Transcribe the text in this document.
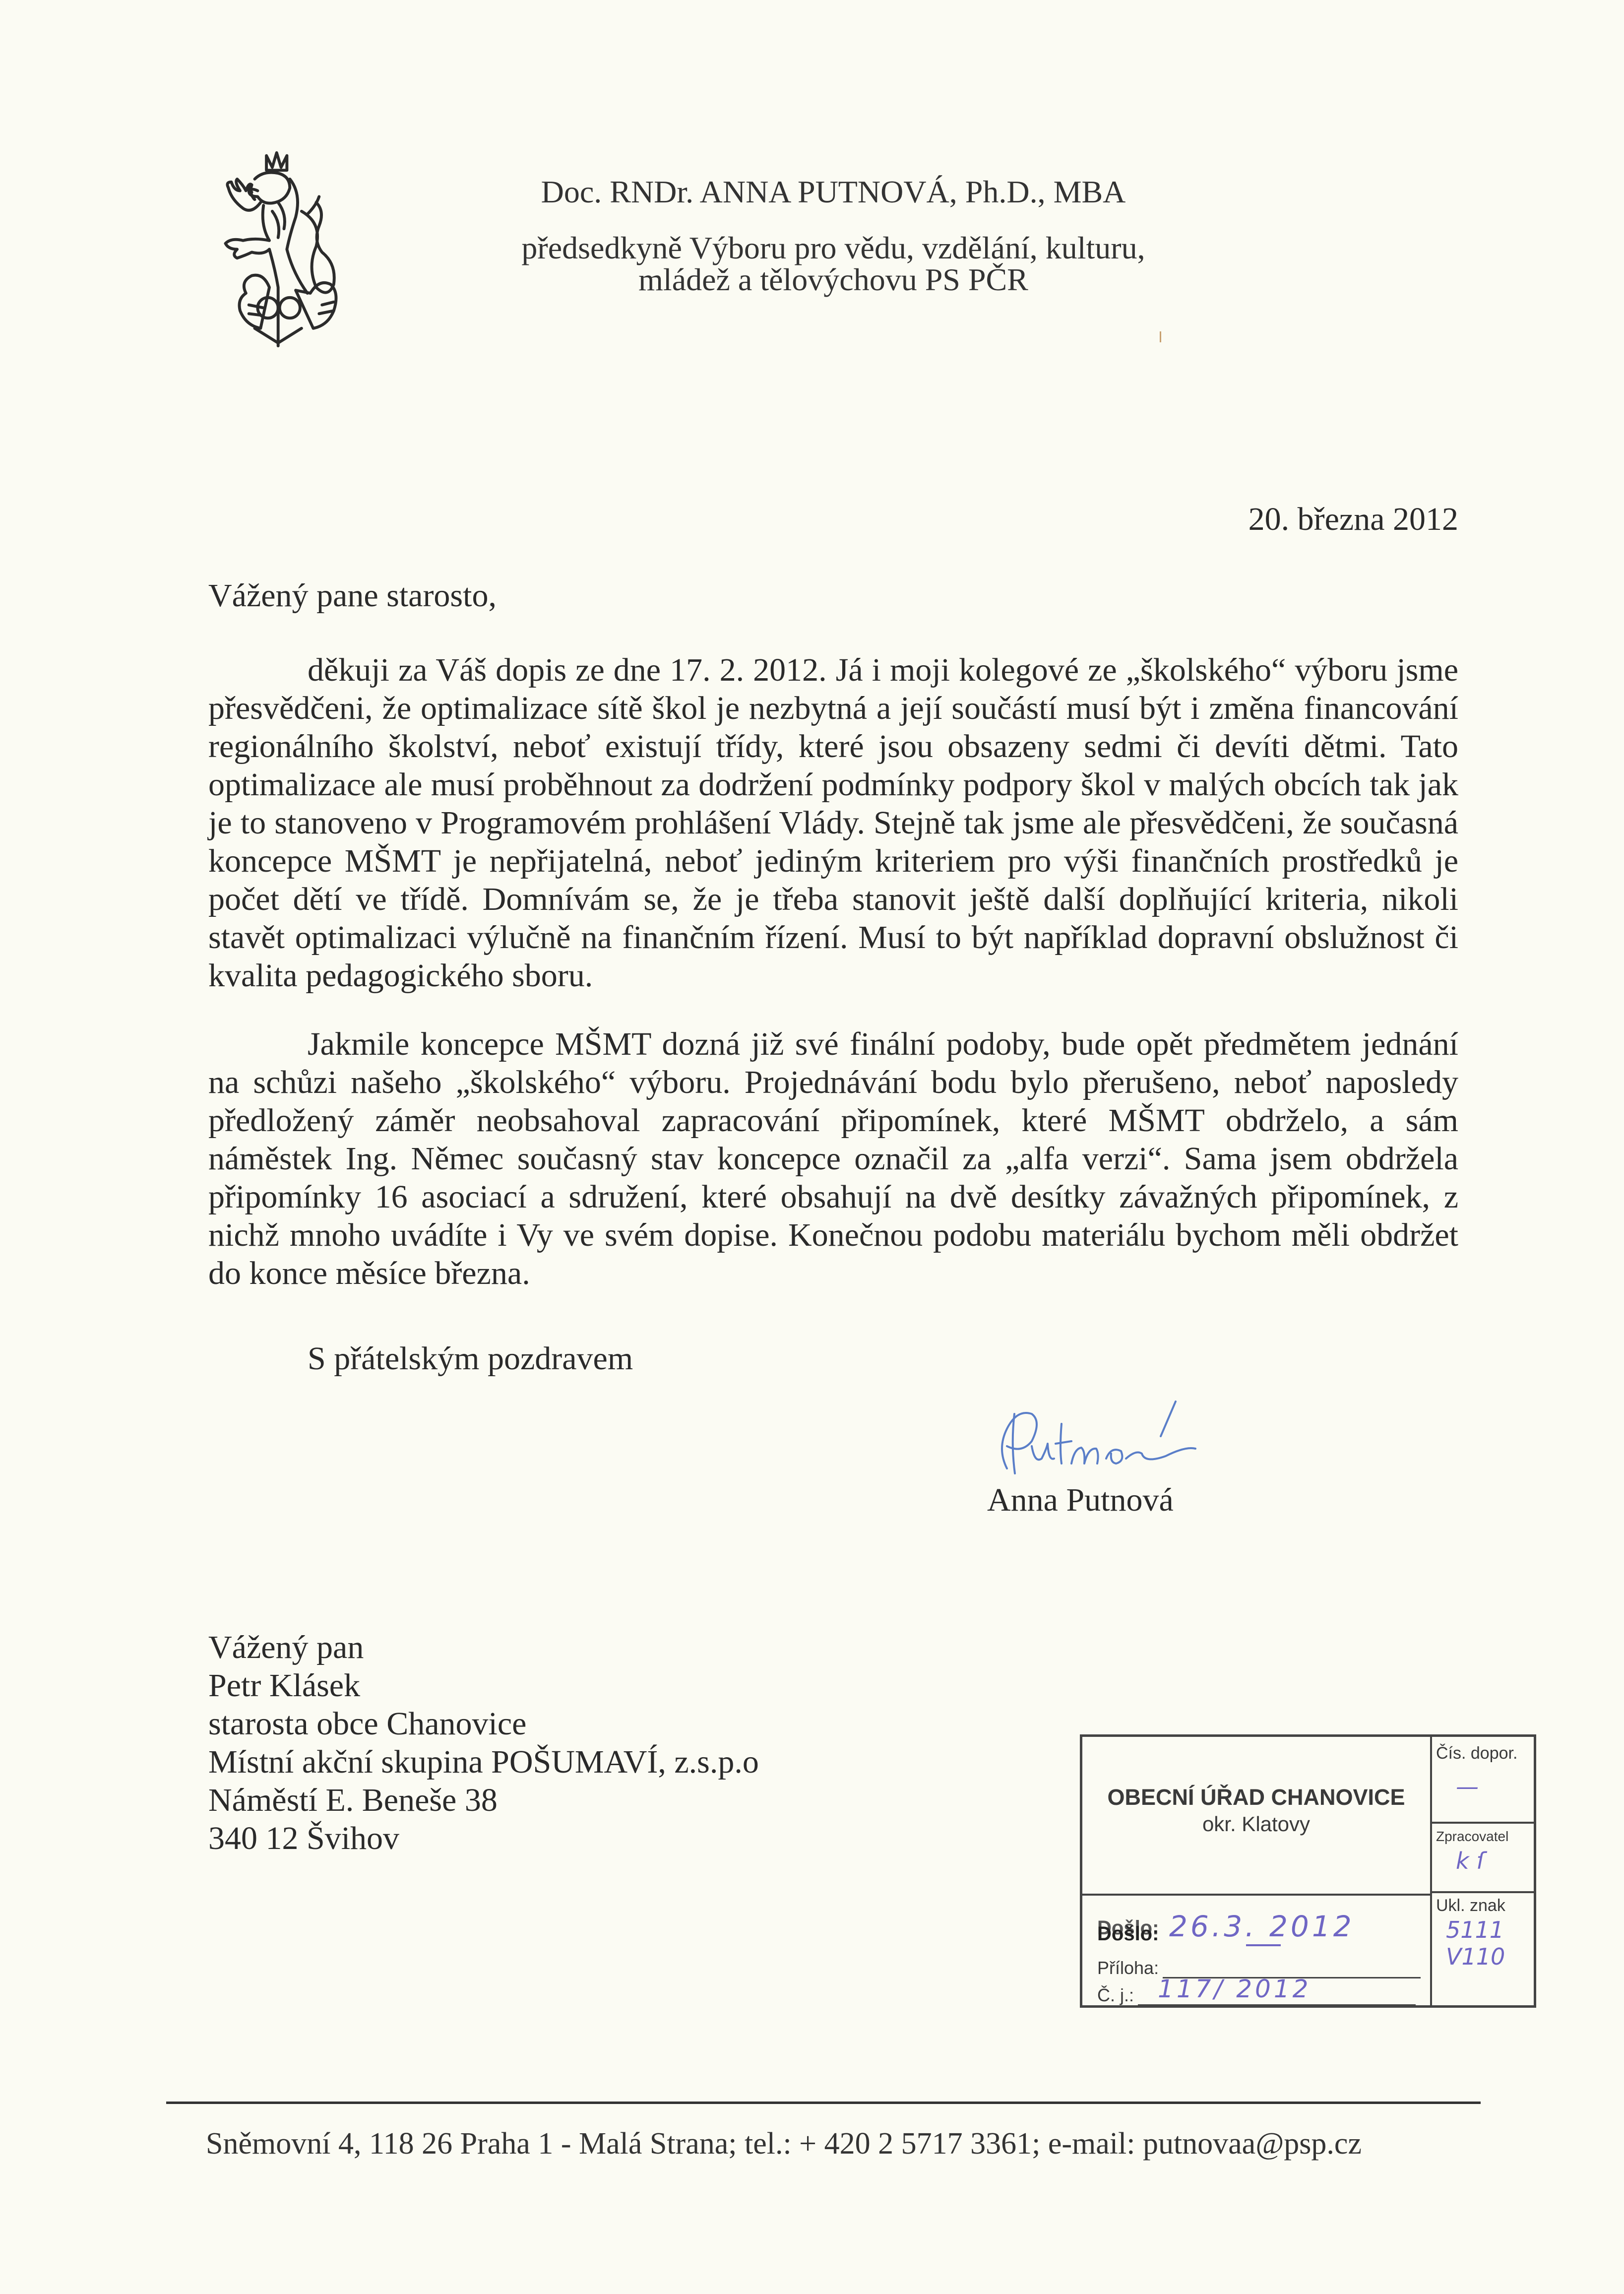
Doc. RNDr. ANNA PUTNOVÁ, Ph.D., MBA
předsedkyně Výboru pro vědu, vzdělání, kulturu,
mládež a tělovýchovu PS PČR
20. března 2012
Vážený pane starosto,
děkuji za Váš dopis ze dne 17. 2. 2012. Já i moji kolegové ze „školského“ výboru jsme přesvědčeni, že optimalizace sítě škol je nezbytná a její součástí musí být i změna financování regionálního školství, neboť existují třídy, které jsou obsazeny sedmi či devíti dětmi. Tato optimalizace ale musí proběhnout za dodržení podmínky podpory škol v malých obcích tak jak je to stanoveno v Programovém prohlášení Vlády. Stejně tak jsme ale přesvědčeni, že současná koncepce MŠMT je nepřijatelná, neboť jediným kriteriem pro výši finančních prostředků je počet dětí ve třídě. Domnívám se, že je třeba stanovit ještě další doplňující kriteria, nikoli stavět optimalizaci výlučně na finančním řízení. Musí to být například dopravní obslužnost či kvalita pedagogického sboru.
Jakmile koncepce MŠMT dozná již své finální podoby, bude opět předmětem jednání na schůzi našeho „školského“ výboru. Projednávání bodu bylo přerušeno, neboť naposledy předložený záměr neobsahoval zapracování připomínek, které MŠMT obdrželo, a sám náměstek Ing. Němec současný stav koncepce označil za „alfa verzi“. Sama jsem obdržela připomínky 16 asociací a sdružení, které obsahují na dvě desítky závažných připomínek, z nichž mnoho uvádíte i Vy ve svém dopise. Konečnou podobu materiálu bychom měli obdržet do konce měsíce března.
S přátelským pozdravem
Anna Putnová
Vážený pan
Petr Klásek
starosta obce Chanovice
Místní akční skupina POŠUMAVÍ, z.s.p.o
Náměstí E. Beneše 38
340 12 Švihov
OBECNÍ ÚŘAD CHANOVICE
okr. Klatovy
Došlo: 26.3. 2012
Příloha:
Č. j.: 117/ 2012
Čís. dopor.
—
Zpracovatel
k ſ
Ukl. znak
5111
V110
Sněmovní 4, 118 26 Praha 1 - Malá Strana; tel.: + 420 2 5717 3361; e-mail: putnovaa@psp.cz
